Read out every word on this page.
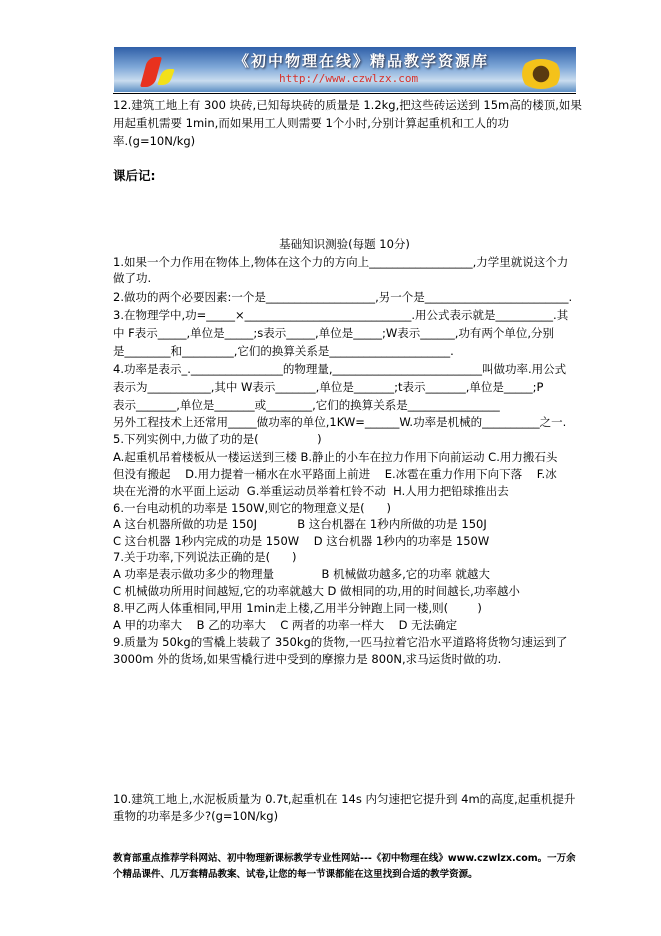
《初中物理在线》精品教学资源库
http://www.czwlzx.com
12.建筑工地上有 300 块砖,已知每块砖的质量是 1.2kg,把这些砖运送到 15m高的楼顶,如果
用起重机需要 1min,而如果用工人则需要 1个小时,分别计算起重机和工人的功
率.(g=10N/kg)
课后记:
基础知识测验(每题 10分)
1.如果一个力作用在物体上,物体在这个力的方向上__________________,力学里就说这个力
做了功.
2.做功的两个必要因素:一个是___________________,另一个是_________________________.
3.在物理学中,功=_____×_____________________________.用公式表示就是__________.其
中 F表示_____,单位是_____;s表示_____,单位是_____;W表示______,功有两个单位,分别
是________和_________,它们的换算关系是_____________________.
4.功率是表示_.________________的物理量,__________________________叫做功率.用公式
表示为___________,其中 W表示_______,单位是_______;t表示_______,单位是_____;P
表示_______,单位是_______或________,它们的换算关系是________________
另外工程技术上还常用_____做功率的单位,1KW=______W.功率是机械的__________之一.
5.下列实例中,力做了功的是(                )
A.起重机吊着楼板从一楼运送到三楼 B.静止的小车在拉力作用下向前运动 C.用力搬石头
但没有搬起    D.用力提着一桶水在水平路面上前进    E.冰雹在重力作用下向下落    F.冰
块在光滑的水平面上运动  G.举重运动员举着杠铃不动  H.人用力把铅球推出去
6.一台电动机的功率是 150W,则它的物理意义是(      )
A 这台机器所做的功是 150J           B 这台机器在 1秒内所做的功是 150J
C 这台机器 1秒内完成的功是 150W    D 这台机器 1秒内的功率是 150W
7.关于功率,下列说法正确的是(      )
A 功率是表示做功多少的物理量             B 机械做功越多,它的功率 就越大
C 机械做功所用时间越短,它的功率就越大 D 做相同的功,用的时间越长,功率越小
8.甲乙两人体重相同,甲用 1min走上楼,乙用半分钟跑上同一楼,则(        )
A 甲的功率大    B 乙的功率大    C 两者的功率一样大    D 无法确定
9.质量为 50kg的雪橇上装载了 350kg的货物,一匹马拉着它沿水平道路将货物匀速运到了
3000m 外的货场,如果雪橇行进中受到的摩擦力是 800N,求马运货时做的功.
10.建筑工地上,水泥板质量为 0.7t,起重机在 14s 内匀速把它提升到 4m的高度,起重机提升
重物的功率是多少?(g=10N/kg)
教育部重点推荐学科网站、初中物理新课标教学专业性网站---《初中物理在线》www.czwlzx.com。一万余
个精品课件、几万套精品教案、试卷,让您的每一节课都能在这里找到合适的教学资源。
